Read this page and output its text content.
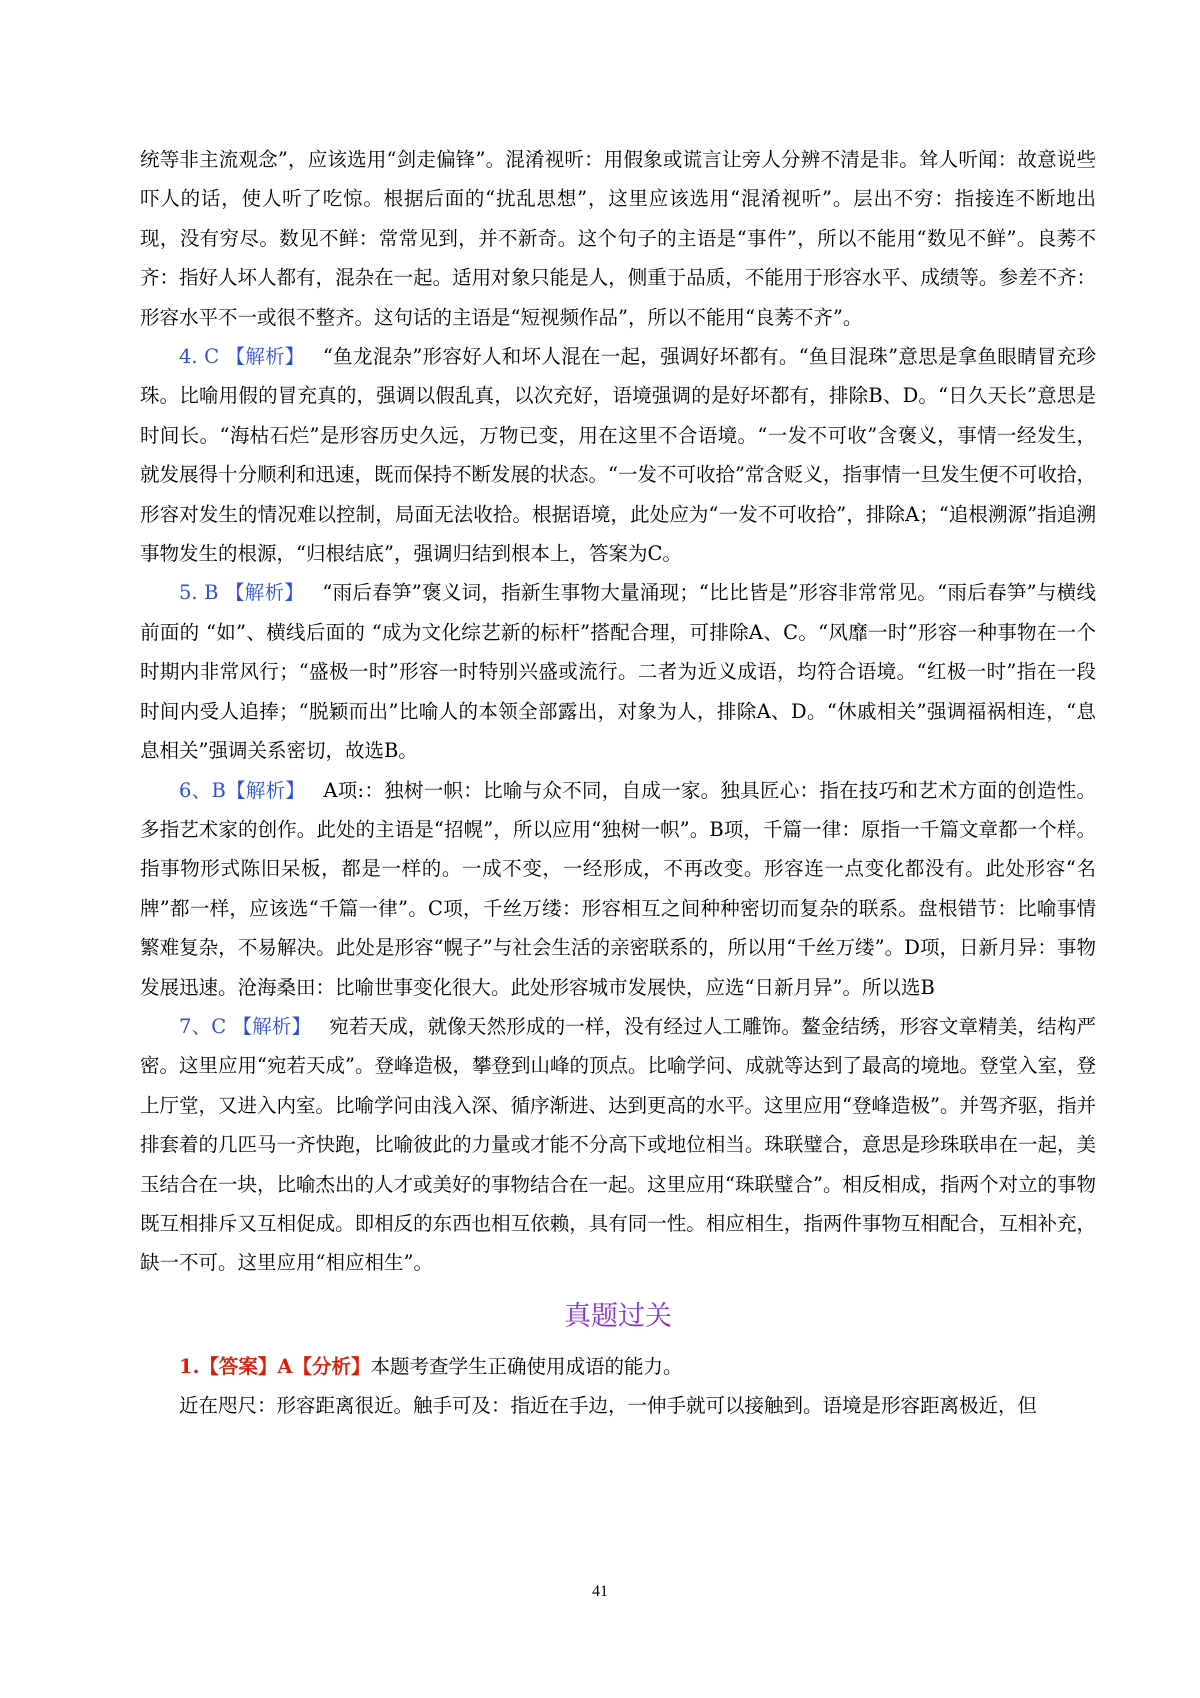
统等非主流观念”，应该选用“剑走偏锋”。混淆视听：用假象或谎言让旁人分辨不清是非。耸人听闻：故意说些吓人的话，使人听了吃惊。根据后面的“扰乱思想”，这里应该选用“混淆视听”。层出不穷：指接连不断地出现，没有穷尽。数见不鲜：常常见到，并不新奇。这个句子的主语是“事件”，所以不能用“数见不鲜”。良莠不齐：指好人坏人都有，混杂在一起。适用对象只能是人，侧重于品质，不能用于形容水平、成绩等。参差不齐：形容水平不一或很不整齐。这句话的主语是“短视频作品”，所以不能用“良莠不齐”。

4. C 【解析】 “鱼龙混杂”形容好人和坏人混在一起，强调好坏都有。“鱼目混珠”意思是拿鱼眼睛冒充珍珠。比喻用假的冒充真的，强调以假乱真，以次充好，语境强调的是好坏都有，排除B、D。“日久天长”意思是时间长。“海枯石烂”是形容历史久远，万物已变，用在这里不合语境。“一发不可收”含褒义，事情一经发生，就发展得十分顺利和迅速，既而保持不断发展的状态。“一发不可收拾”常含贬义，指事情一旦发生便不可收拾，形容对发生的情况难以控制，局面无法收拾。根据语境，此处应为“一发不可收拾”，排除A；“追根溯源”指追溯事物发生的根源，“归根结底”，强调归结到根本上，答案为C。

5. B 【解析】 “雨后春笋”褒义词，指新生事物大量涌现；“比比皆是”形容非常常见。“雨后春笋”与横线前面的 “如”、横线后面的 “成为文化综艺新的标杆”搭配合理，可排除A、C。“风靡一时”形容一种事物在一个时期内非常风行；“盛极一时”形容一时特别兴盛或流行。二者为近义成语，均符合语境。“红极一时”指在一段时间内受人追捧；“脱颖而出”比喻人的本领全部露出，对象为人，排除A、D。“休戚相关”强调福祸相连，“息息相关”强调关系密切，故选B。

6、B【解析】 A项:：独树一帜：比喻与众不同，自成一家。独具匠心：指在技巧和艺术方面的创造性。多指艺术家的创作。此处的主语是“招幌”，所以应用“独树一帜”。B项，千篇一律：原指一千篇文章都一个样。指事物形式陈旧呆板，都是一样的。一成不变，一经形成，不再改变。形容连一点变化都没有。此处形容“名牌”都一样，应该选“千篇一律”。C项，千丝万缕：形容相互之间种种密切而复杂的联系。盘根错节：比喻事情繁难复杂，不易解决。此处是形容“幌子”与社会生活的亲密联系的，所以用“千丝万缕”。D项，日新月异：事物发展迅速。沧海桑田：比喻世事变化很大。此处形容城市发展快，应选“日新月异”。所以选B

7、C 【解析】 宛若天成，就像天然形成的一样，没有经过人工雕饰。鳌金结绣，形容文章精美，结构严密。这里应用“宛若天成”。登峰造极，攀登到山峰的顶点。比喻学问、成就等达到了最高的境地。登堂入室，登上厅堂，又进入内室。比喻学问由浅入深、循序渐进、达到更高的水平。这里应用“登峰造极”。并驾齐驱，指并排套着的几匹马一齐快跑，比喻彼此的力量或才能不分高下或地位相当。珠联璧合，意思是珍珠联串在一起，美玉结合在一块，比喻杰出的人才或美好的事物结合在一起。这里应用“珠联璧合”。相反相成，指两个对立的事物既互相排斥又互相促成。即相反的东西也相互依赖，具有同一性。相应相生，指两件事物互相配合，互相补充，缺一不可。这里应用“相应相生”。

真题过关

1.【答案】A【分析】本题考查学生正确使用成语的能力。

近在咫尺：形容距离很近。触手可及：指近在手边，一伸手就可以接触到。语境是形容距离极近，但

41
